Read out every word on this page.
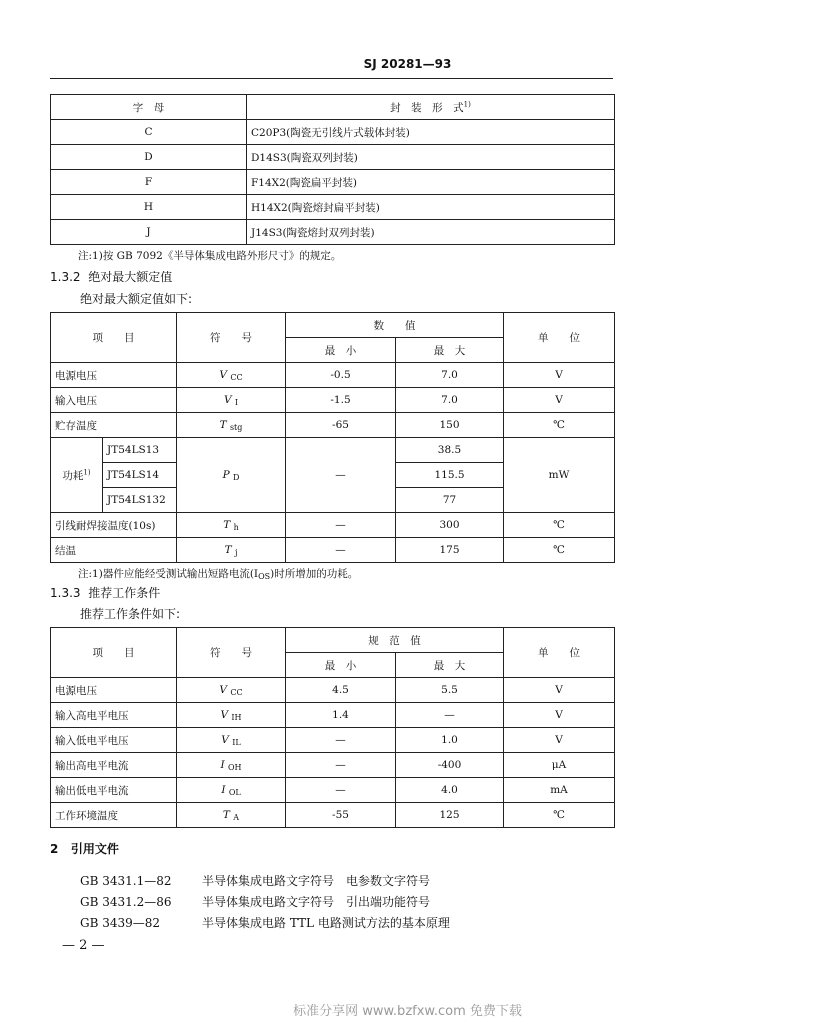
SJ 20281—93
字　母	封　装　形　式$^{1)}$
C	C20P3(陶瓷无引线片式载体封装)
D	D14S3(陶瓷双列封装)
F	F14X2(陶瓷扁平封装)
H	H14X2(陶瓷熔封扁平封装)
J	J14S3(陶瓷熔封双列封装)
注:1)按 GB 7092《半导体集成电路外形尺寸》的规定。
1.3.2 绝对最大额定值
绝对最大额定值如下:
项　　目		符　　号	数　　值		单　　位
			最　小	最　大	
电源电压		V $_{CC}$	-0.5	7.0	V
输入电压		V $_I$	-1.5	7.0	V
贮存温度		T $_{stg}$	-65	150	℃
功耗$^{1)}$	JT54LS13	P $_D$	—	38.5	mW
	JT54LS14			115.5	
	JT54LS132			77	
引线耐焊接温度(10s)		T $_h$	—	300	℃
结温		T $_j$	—	175	℃
注:1)器件应能经受测试输出短路电流$(I_{OS})$时所增加的功耗。
1.3.3 推荐工作条件
推荐工作条件如下:
项　　目	符　　号	规　范　值		单　　位
		最　小	最　大	
电源电压	V $_{CC}$	4.5	5.5	V
输入高电平电压	V $_{IH}$	1.4	—	V
输入低电平电压	V $_{IL}$	—	1.0	V
输出高电平电流	I $_{OH}$	—	-400	μA
输出低电平电流	I $_{OL}$	—	4.0	mA
工作环境温度	T $_A$	-55	125	℃
2 引用文件
GB 3431.1—82	半导体集成电路文字符号　电参数文字符号
GB 3431.2—86	半导体集成电路文字符号　引出端功能符号
GB 3439—82	半导体集成电路 TTL 电路测试方法的基本原理
— 2 —
标准分享网 www.bzfxw.com 免费下载
